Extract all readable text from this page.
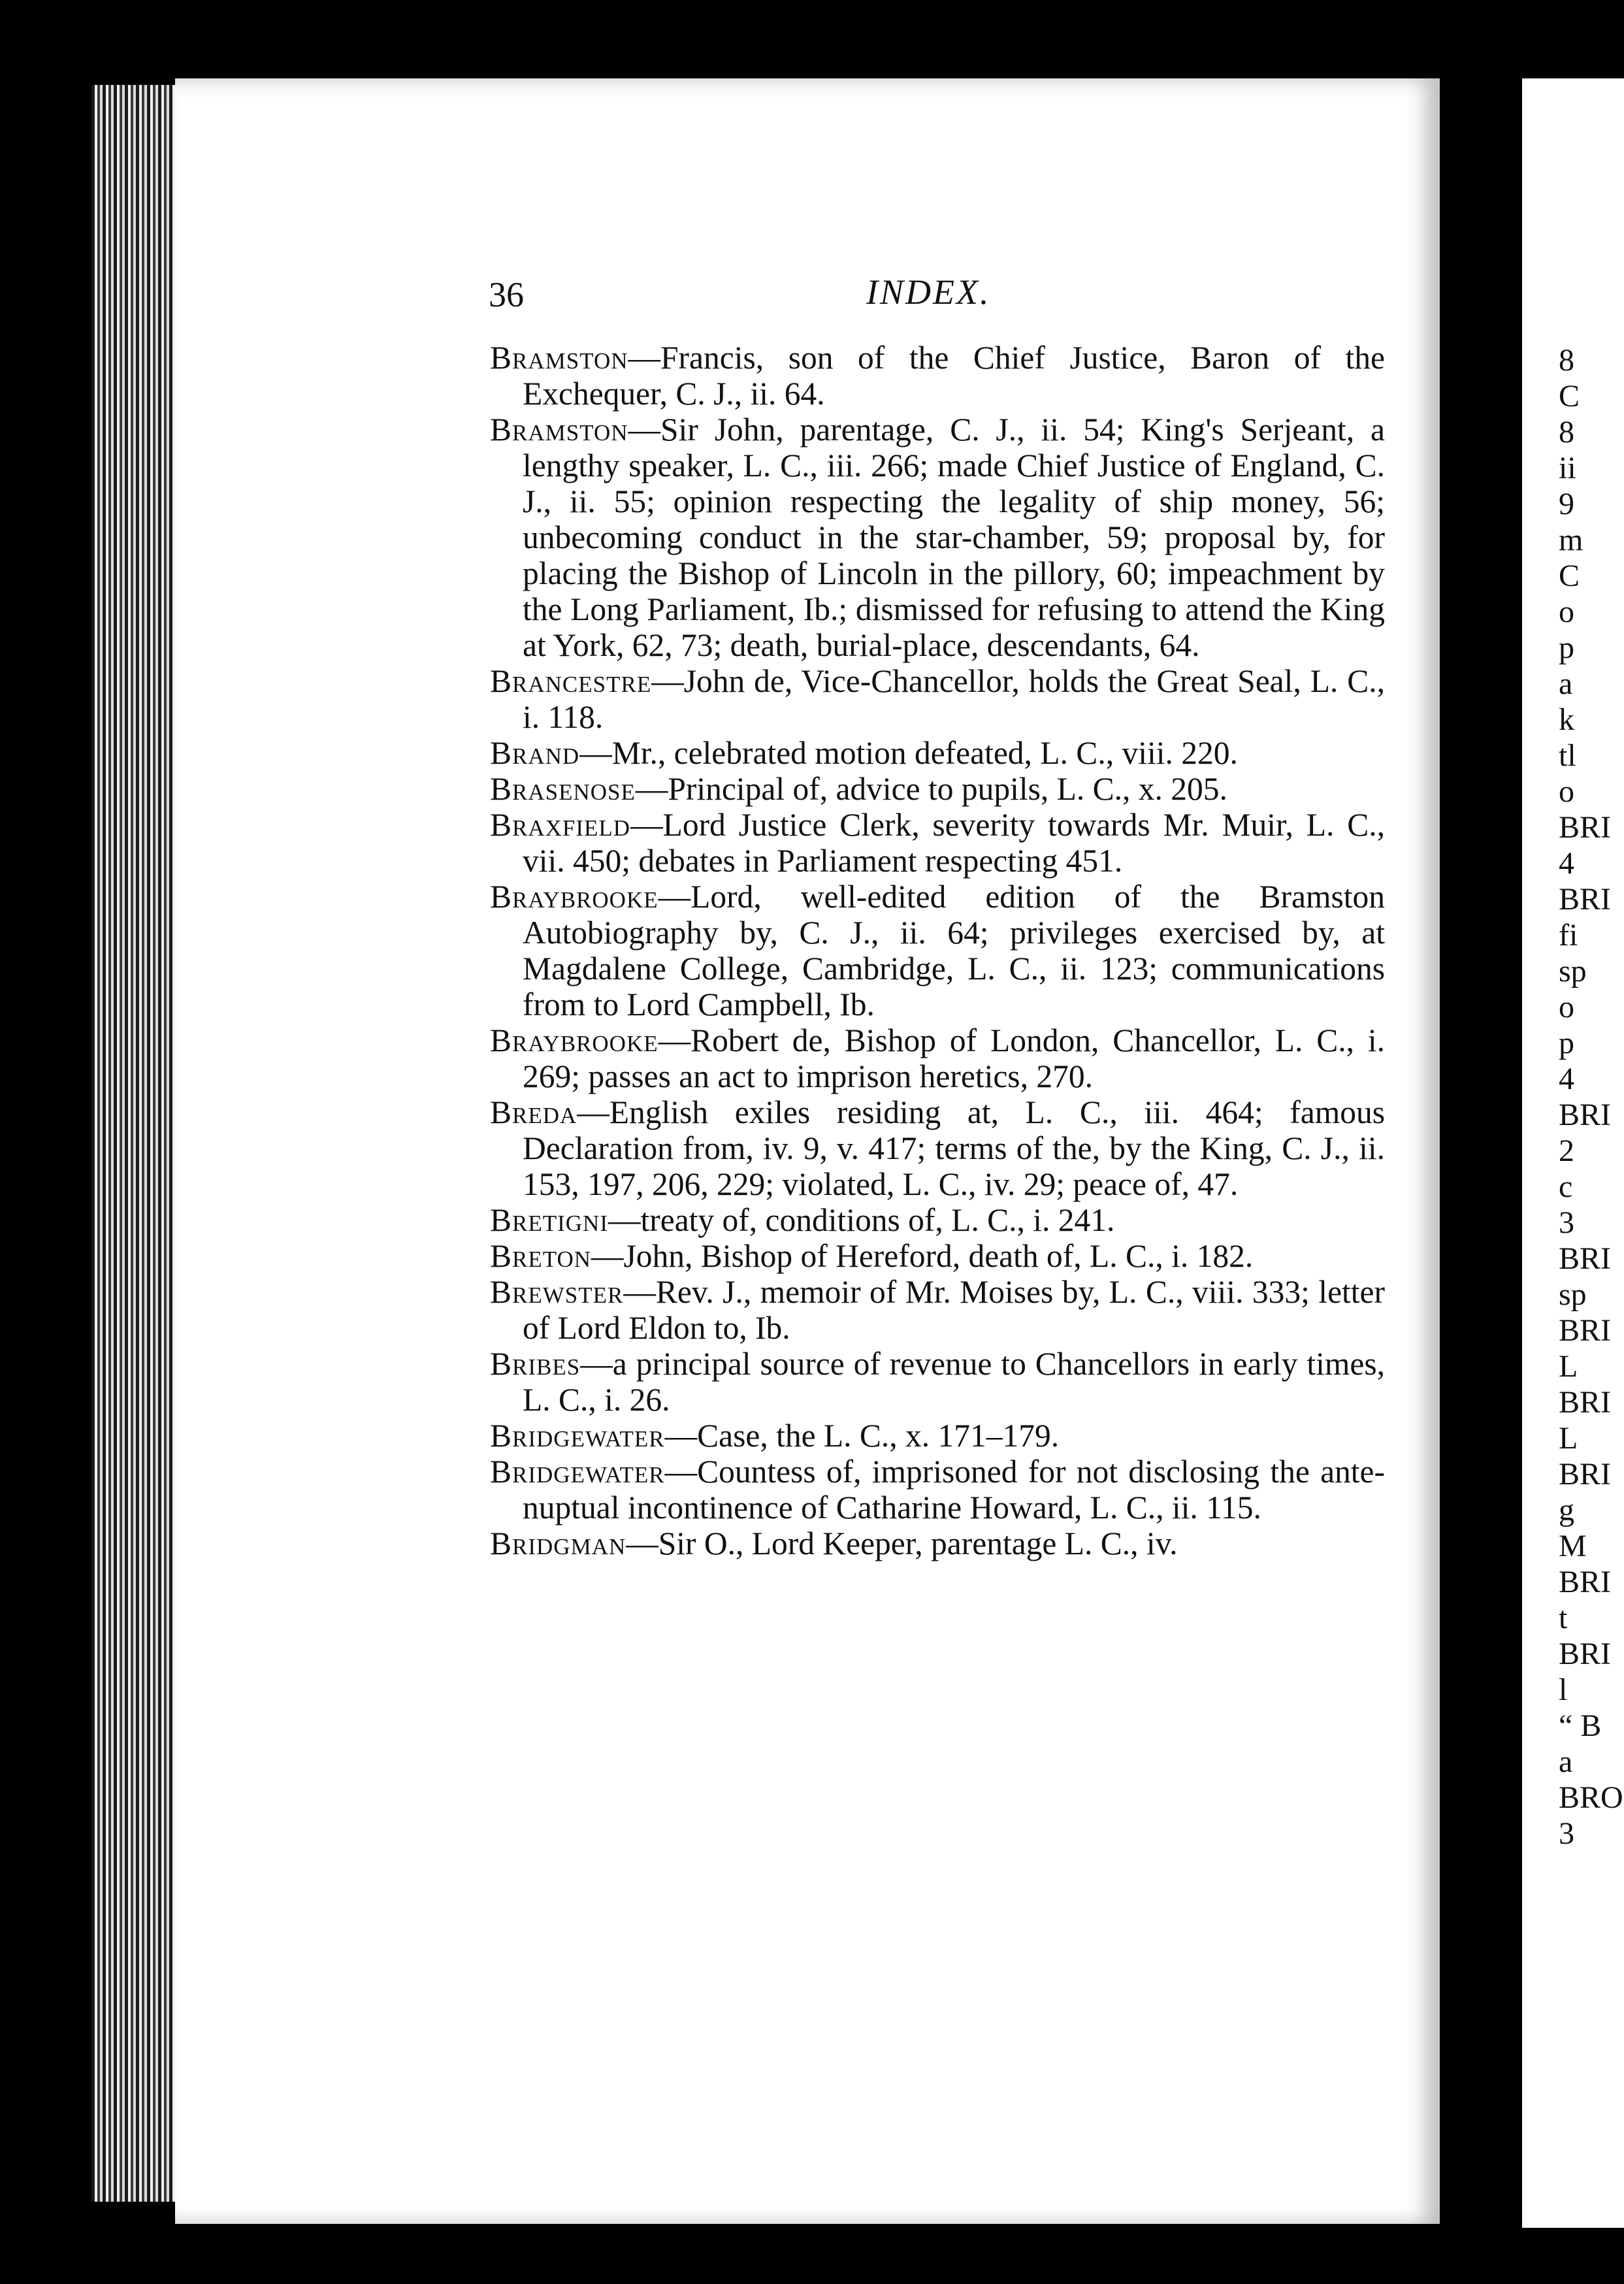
8
C
8
ii
9
m
C
o
p
a
k
tl
o
BRI
4
BRI
fi
sp
o
p
4
BRI
2
c
3
BRI
sp
BRI
L
BRI
L
BRI
g
M
BRI
t
BRI
l
“ B
a
BRO
3
36	INDEX.

Bramston—Francis, son of the Chief Justice, Baron of the Exchequer, C. J., ii. 64.

Bramston—Sir John, parentage, C. J., ii. 54; King's Serjeant, a lengthy speaker, L. C., iii. 266; made Chief Justice of England, C. J., ii. 55; opinion respecting the legality of ship money, 56; unbecoming conduct in the star-chamber, 59; proposal by, for placing the Bishop of Lincoln in the pillory, 60; impeachment by the Long Parliament, Ib.; dismissed for refusing to attend the King at York, 62, 73; death, burial-place, descendants, 64.

Brancestre—John de, Vice-Chancellor, holds the Great Seal, L. C., i. 118.

Brand—Mr., celebrated motion defeated, L. C., viii. 220.

Brasenose—Principal of, advice to pupils, L. C., x. 205.

Braxfield—Lord Justice Clerk, severity towards Mr. Muir, L. C., vii. 450; debates in Parliament respecting 451.

Braybrooke—Lord, well-edited edition of the Bramston Autobiography by, C. J., ii. 64; privileges exercised by, at Magdalene College, Cambridge, L. C., ii. 123; communications from to Lord Campbell, Ib.

Braybrooke—Robert de, Bishop of London, Chancellor, L. C., i. 269; passes an act to imprison heretics, 270.

Breda—English exiles residing at, L. C., iii. 464; famous Declaration from, iv. 9, v. 417; terms of the, by the King, C. J., ii. 153, 197, 206, 229; violated, L. C., iv. 29; peace of, 47.

Bretigni—treaty of, conditions of, L. C., i. 241.

Breton—John, Bishop of Hereford, death of, L. C., i. 182.

Brewster—Rev. J., memoir of Mr. Moises by, L. C., viii. 333; letter of Lord Eldon to, Ib.

Bribes—a principal source of revenue to Chancellors in early times, L. C., i. 26.

Bridgewater—Case, the L. C., x. 171–179.

Bridgewater—Countess of, imprisoned for not disclosing the ante-nuptual incontinence of Catharine Howard, L. C., ii. 115.

Bridgman—Sir O., Lord Keeper, parentage L. C., iv.
